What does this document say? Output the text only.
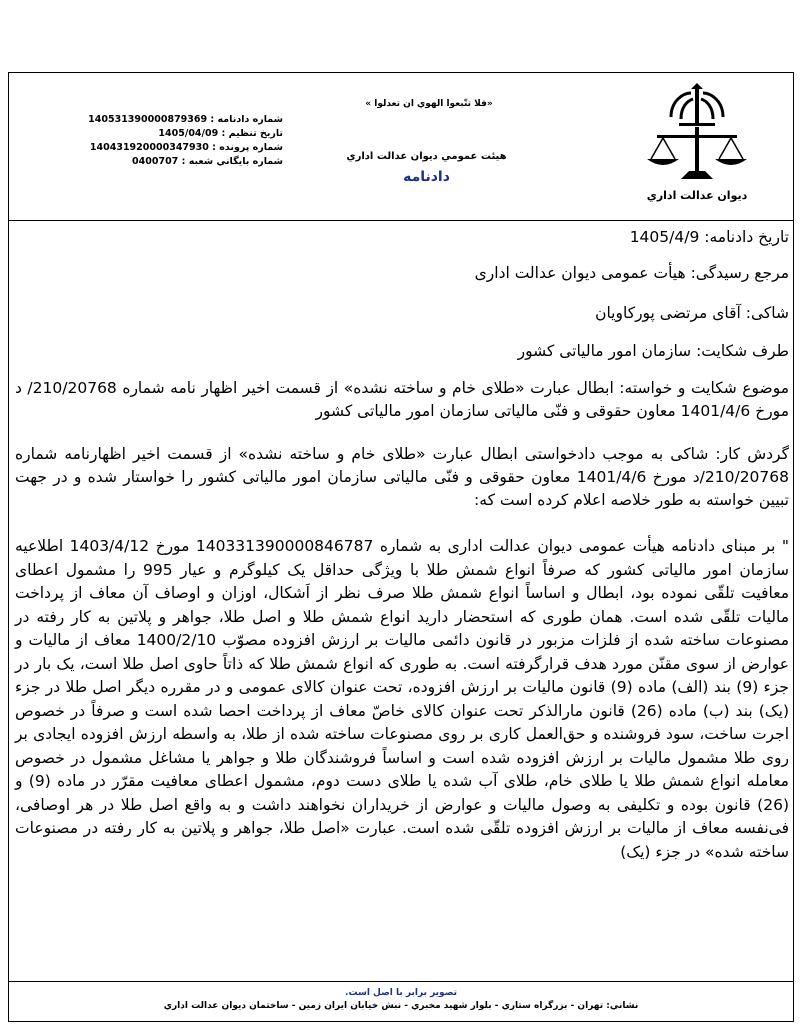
ديوان عدالت اداري
«فلا تتّبعوا الهوي ان تعدلوا »
هيئت عمومي ديوان عدالت اداري
دادنامه
شماره دادنامه : 140531390000879369
تاريخ تنظيم : 1405/04/09
شماره پرونده : 140431920000347930
شماره بايگاني شعبه : 0400707
تاریخ دادنامه: 1405/4/9
مرجع رسیدگی: هیأت عمومی دیوان عدالت اداری
شاکی: آقای مرتضی پورکاویان
طرف شکایت: سازمان امور مالیاتی کشور
موضوع شکایت و خواسته: ابطال عبارت «طلای خام و ساخته نشده» از قسمت اخیر اظهار نامه شماره 210/20768/ د مورخ 1401/4/6 معاون حقوقی و فنّی مالیاتی سازمان امور مالیاتی کشور
گردش کار: شاکی به موجب دادخواستی ابطال عبارت «طلای خام و ساخته نشده» از قسمت اخیر اظهارنامه شماره 210/20768/د مورخ 1401/4/6 معاون حقوقی و فنّی مالیاتی سازمان امور مالیاتی کشور را خواستار شده و در جهت تبیین خواسته به طور خلاصه اعلام کرده است که:
" بر مبنای دادنامه هیأت عمومی دیوان عدالت اداری به شماره 140331390000846787 مورخ 1403/4/12 اطلاعیه سازمان امور مالیاتی کشور که صرفاً انواع شمش طلا با ویژگی حداقل یک کیلوگرم و عیار 995 را مشمول اعطای معافیت تلقّی نموده بود، ابطال و اساساً انواع شمش طلا صرف نظر از اَشکال، اوزان و اوصاف آن معاف از پرداخت مالیات تلقّی شده است. همان طوری که استحضار دارید انواع شمش طلا و اصل طلا، جواهر و پلاتین به کار رفته در مصنوعات ساخته شده از فلزات مزبور در قانون دائمی مالیات بر ارزش افزوده مصوّب 1400/2/10 معاف از مالیات و عوارض از سوی مقنّن مورد هدف قرارگرفته است. به طوری که انواع شمش طلا که ذاتاً حاوی اصل طلا است، یک بار در جزء (9) بند (الف) ماده (9) قانون مالیات بر ارزش افزوده، تحت عنوان کالای عمومی و در مقرره دیگر اصل طلا در جزء (یک) بند (ب) ماده (26) قانون مارالذکر تحت عنوان کالای خاصّ معاف از پرداخت احصا شده است و صرفاً در خصوص اجرت ساخت، سود فروشنده و حق‌العمل کاری بر روی مصنوعات ساخته شده از طلا، به واسطه ارزش افزوده ایجادی بر روی طلا مشمول مالیات بر ارزش افزوده شده است و اساساً فروشندگان طلا و جواهر یا مشاغل مشمول در خصوص معامله انواع شمش طلا یا طلای خام، طلای آب شده یا طلای دست دوم، مشمول اعطای معافیت مقرّر در ماده (9) و (26) قانون بوده و تکلیفی به وصول مالیات و عوارض از خریداران نخواهند داشت و به واقع اصل طلا در هر اوصافی، فی‌نفسه معاف از مالیات بر ارزش افزوده تلقّی شده است. عبارت «اصل طلا، جواهر و پلاتین به کار رفته در مصنوعات ساخته شده» در جزء (یک)
تصوير برابر با اصل است.
نشاني: تهران - بزرگراه ستاري - بلوار شهيد مخبري - نبش خيابان ايران زمين - ساختمان ديوان عدالت اداري
